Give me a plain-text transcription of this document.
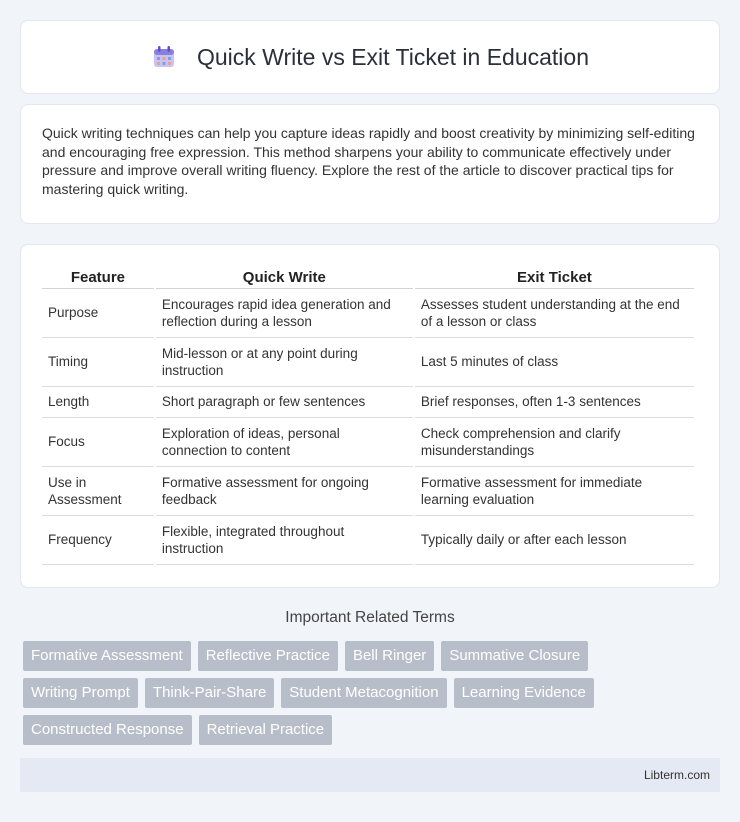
Quick Write vs Exit Ticket in Education

Quick writing techniques can help you capture ideas rapidly and boost creativity by minimizing self-editing and encouraging free expression. This method sharpens your ability to communicate effectively under pressure and improve overall writing fluency. Explore the rest of the article to discover practical tips for mastering quick writing.

Feature	Quick Write	Exit Ticket
Purpose	Encourages rapid idea generation and reflection during a lesson	Assesses student understanding at the end of a lesson or class
Timing	Mid-lesson or at any point during instruction	Last 5 minutes of class
Length	Short paragraph or few sentences	Brief responses, often 1-3 sentences
Focus	Exploration of ideas, personal connection to content	Check comprehension and clarify misunderstandings
Use in Assessment	Formative assessment for ongoing feedback	Formative assessment for immediate learning evaluation
Frequency	Flexible, integrated throughout instruction	Typically daily or after each lesson
Important Related Terms
Formative Assessment	Reflective Practice	Bell Ringer	Summative Closure
Writing Prompt	Think-Pair-Share	Student Metacognition	Learning Evidence
Constructed Response	Retrieval Practice
Libterm.com
